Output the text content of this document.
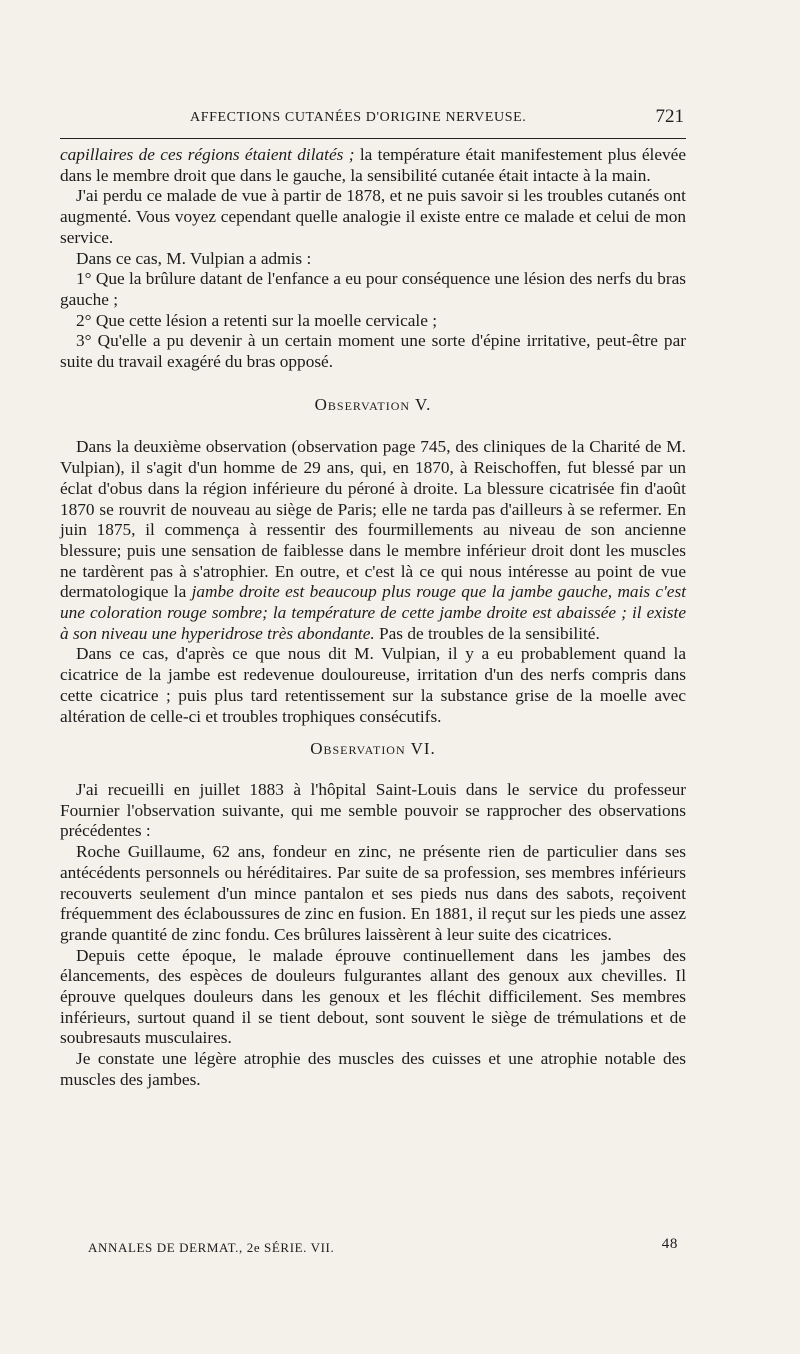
AFFECTIONS CUTANÉES D'ORIGINE NERVEUSE.	721

capillaires de ces régions étaient dilatés ; la température était manifestement plus élevée dans le membre droit que dans le gauche, la sensibilité cutanée était intacte à la main.

J'ai perdu ce malade de vue à partir de 1878, et ne puis savoir si les troubles cutanés ont augmenté. Vous voyez cependant quelle analogie il existe entre ce malade et celui de mon service.

Dans ce cas, M. Vulpian a admis :

1° Que la brûlure datant de l'enfance a eu pour conséquence une lésion des nerfs du bras gauche ;

2° Que cette lésion a retenti sur la moelle cervicale ;

3° Qu'elle a pu devenir à un certain moment une sorte d'épine irritative, peut-être par suite du travail exagéré du bras opposé.

Observation V.

Dans la deuxième observation (observation page 745, des cliniques de la Charité de M. Vulpian), il s'agit d'un homme de 29 ans, qui, en 1870, à Reischoffen, fut blessé par un éclat d'obus dans la région inférieure du péroné à droite. La blessure cicatrisée fin d'août 1870 se rouvrit de nouveau au siège de Paris; elle ne tarda pas d'ailleurs à se refermer. En juin 1875, il commença à ressentir des fourmillements au niveau de son ancienne blessure; puis une sensation de faiblesse dans le membre inférieur droit dont les muscles ne tardèrent pas à s'atrophier. En outre, et c'est là ce qui nous intéresse au point de vue dermatologique la jambe droite est beaucoup plus rouge que la jambe gauche, mais c'est une coloration rouge sombre; la température de cette jambe droite est abaissée ; il existe à son niveau une hyperidrose très abondante. Pas de troubles de la sensibilité.

Dans ce cas, d'après ce que nous dit M. Vulpian, il y a eu probablement quand la cicatrice de la jambe est redevenue douloureuse, irritation d'un des nerfs compris dans cette cicatrice ; puis plus tard retentissement sur la substance grise de la moelle avec altération de celle-ci et troubles trophiques consécutifs.

Observation VI.

J'ai recueilli en juillet 1883 à l'hôpital Saint-Louis dans le service du professeur Fournier l'observation suivante, qui me semble pouvoir se rapprocher des observations précédentes :

Roche Guillaume, 62 ans, fondeur en zinc, ne présente rien de particulier dans ses antécédents personnels ou héréditaires. Par suite de sa profession, ses membres inférieurs recouverts seulement d'un mince pantalon et ses pieds nus dans des sabots, reçoivent fréquemment des éclaboussures de zinc en fusion. En 1881, il reçut sur les pieds une assez grande quantité de zinc fondu. Ces brûlures laissèrent à leur suite des cicatrices.

Depuis cette époque, le malade éprouve continuellement dans les jambes des élancements, des espèces de douleurs fulgurantes allant des genoux aux chevilles. Il éprouve quelques douleurs dans les genoux et les fléchit difficilement. Ses membres inférieurs, surtout quand il se tient debout, sont souvent le siège de trémulations et de soubresauts musculaires.

Je constate une légère atrophie des muscles des cuisses et une atrophie notable des muscles des jambes.

ANNALES DE DERMAT., 2e SÉRIE. VII.	48
